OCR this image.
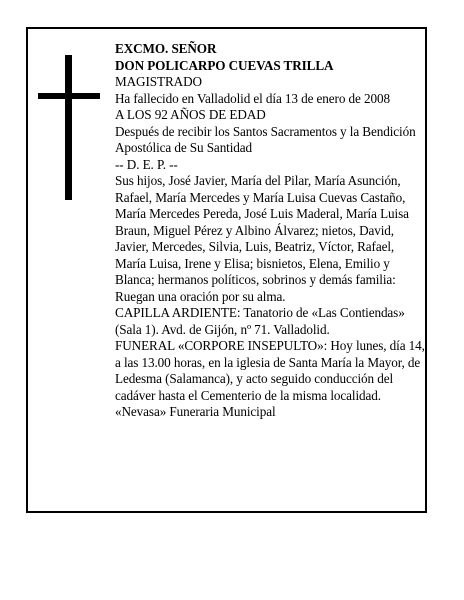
EXCMO. SEÑOR

DON POLICARPO CUEVAS TRILLA

MAGISTRADO

Ha fallecido en Valladolid el día 13 de enero de 2008

A LOS 92 AÑOS DE EDAD

Después de recibir los Santos Sacramentos y la Bendición Apostólica de Su Santidad

-- D. E. P. --

Sus hijos, José Javier, María del Pilar, María Asunción, Rafael, María Mercedes y María Luisa Cuevas Castaño, María Mercedes Pereda, José Luis Maderal, María Luisa Braun, Miguel Pérez y Albino Álvarez; nietos, David, Javier, Mercedes, Silvia, Luis, Beatriz, Víctor, Rafael, María Luisa, Irene y Elisa; bisnietos, Elena, Emilio y Blanca; hermanos políticos, sobrinos y demás familia:

Ruegan una oración por su alma.

CAPILLA ARDIENTE: Tanatorio de «Las Contiendas» (Sala 1). Avd. de Gijón, nº 71. Valladolid.

FUNERAL «CORPORE INSEPULTO»: Hoy lunes, día 14, a las 13.00 horas, en la iglesia de Santa María la Mayor, de Ledesma (Salamanca), y acto seguido conducción del cadáver hasta el Cementerio de la misma localidad.

«Nevasa» Funeraria Municipal
